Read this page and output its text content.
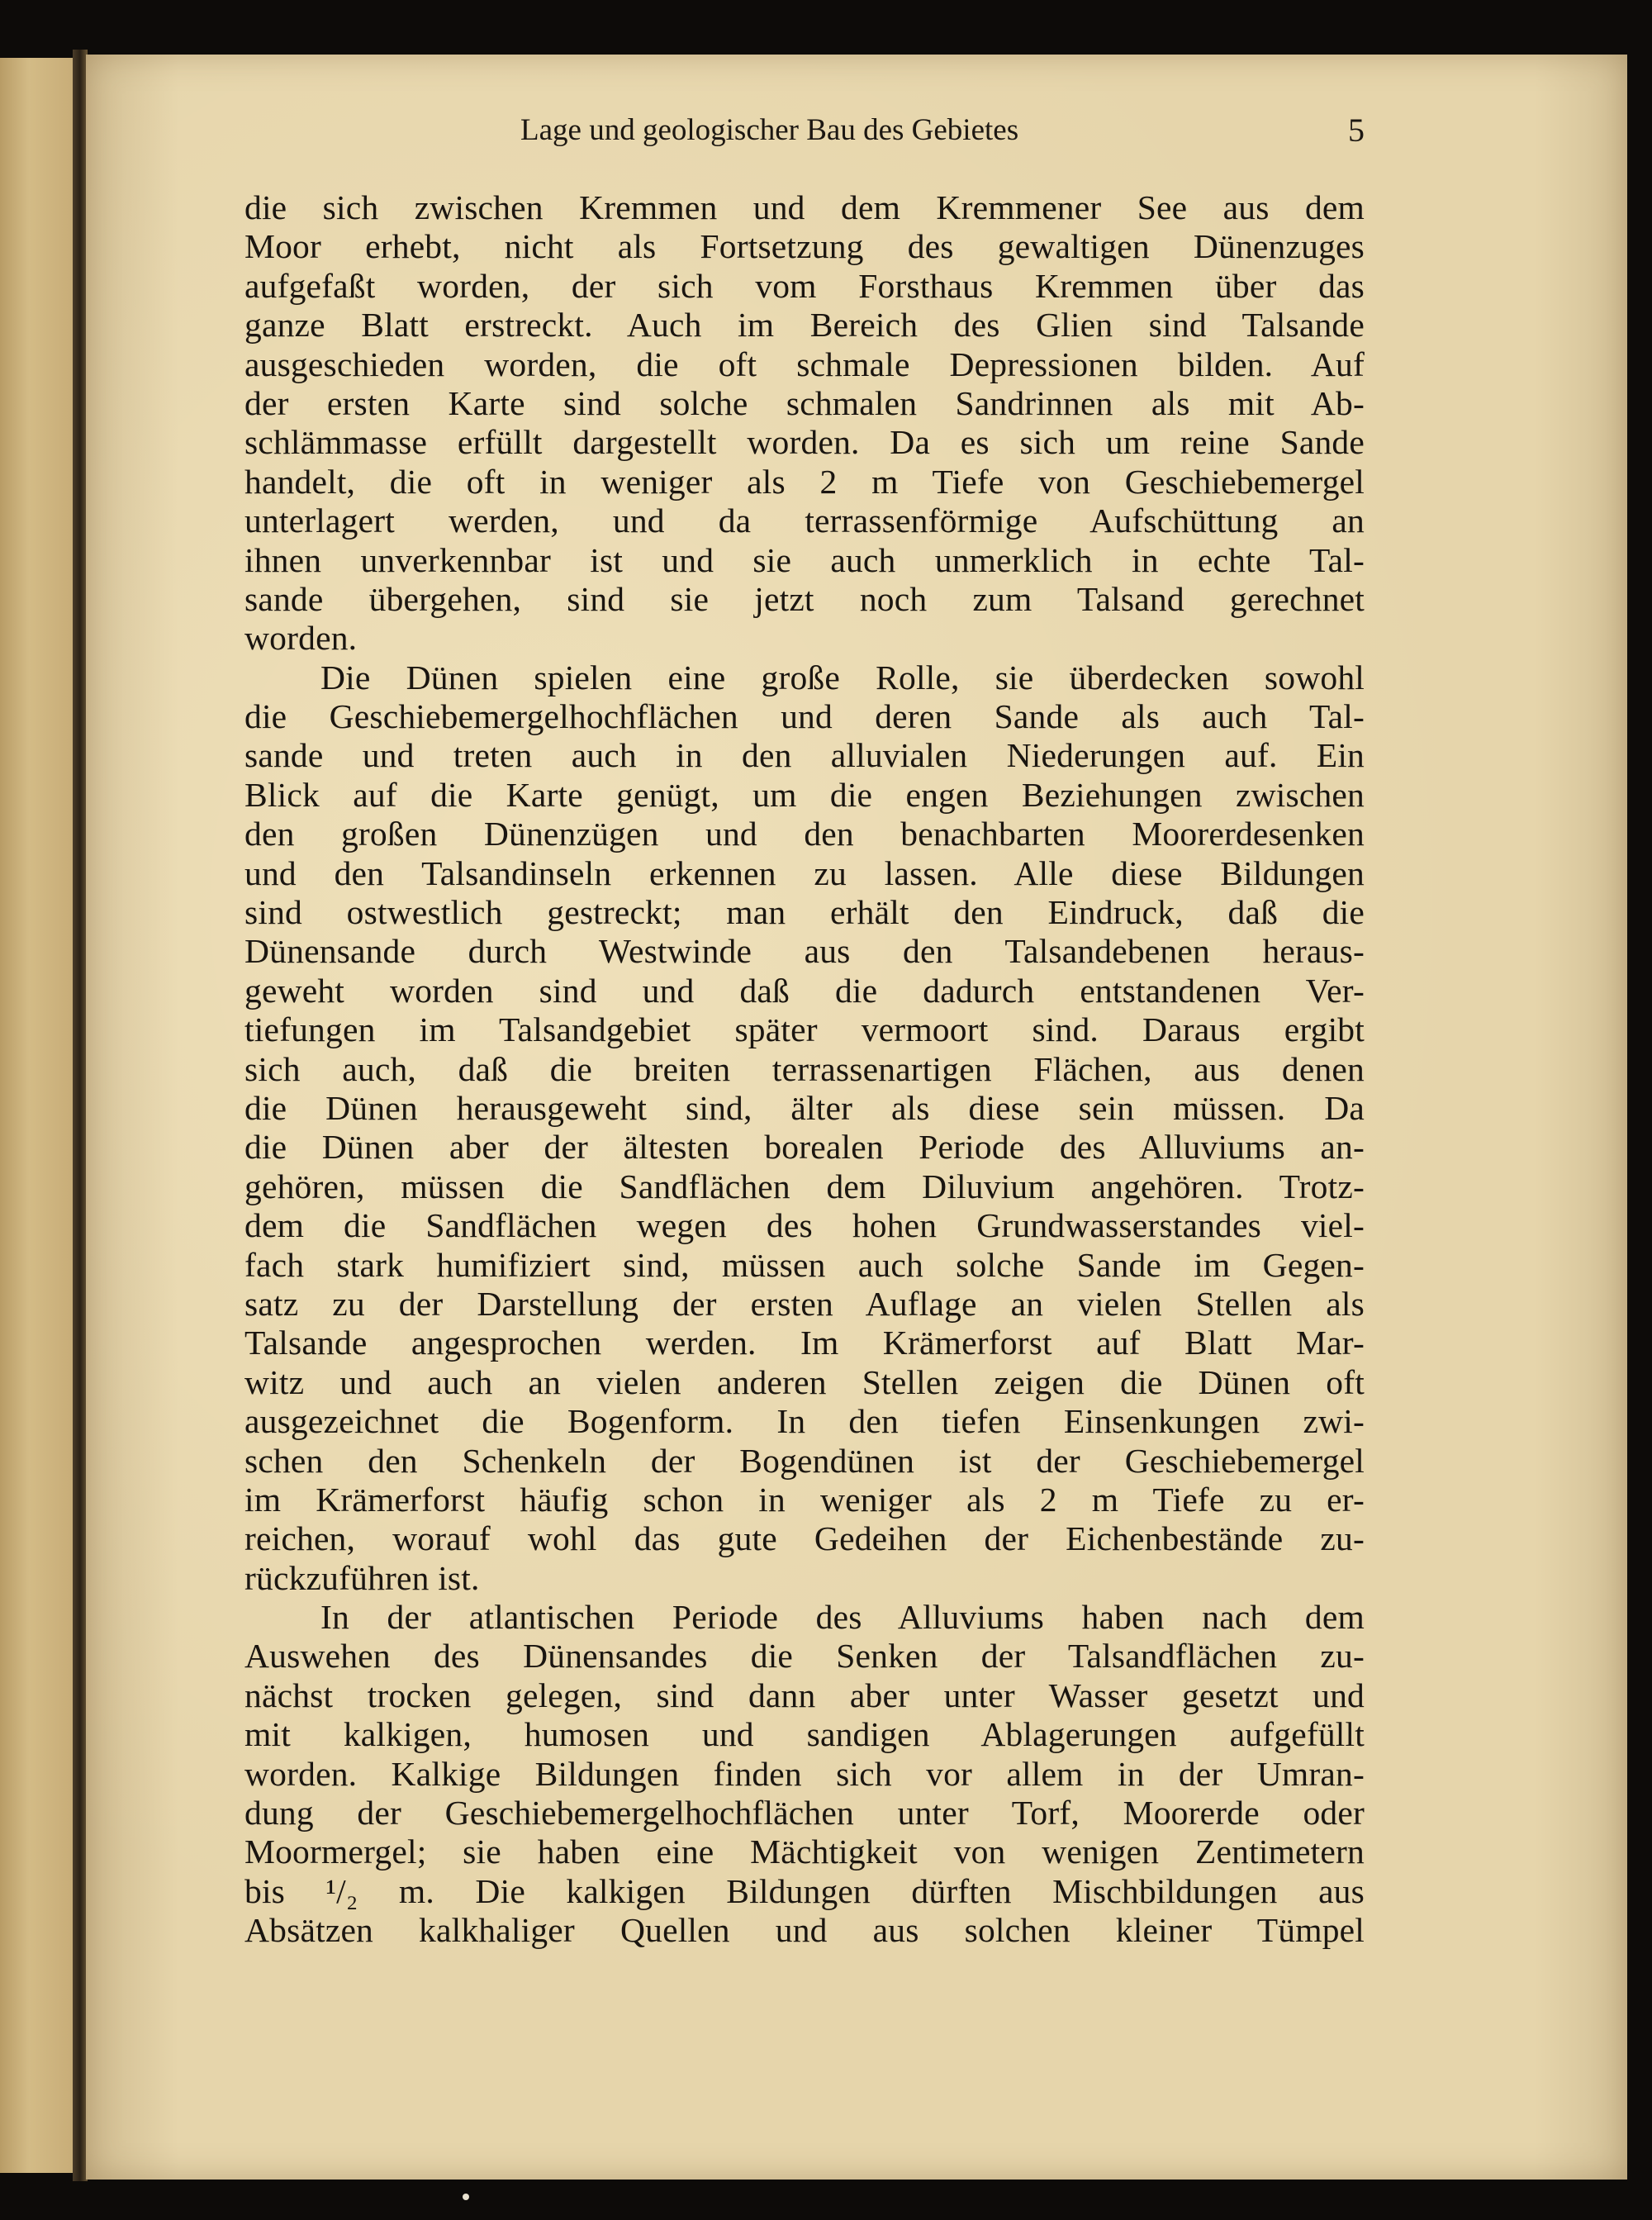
Lage und geologischer Bau des Gebietes	5
die sich zwischen Kremmen und dem Kremmener See aus dem
Moor erhebt, nicht als Fortsetzung des gewaltigen Dünenzuges
aufgefaßt worden, der sich vom Forsthaus Kremmen über das
ganze Blatt erstreckt. Auch im Bereich des Glien sind Talsande
ausgeschieden worden, die oft schmale Depressionen bilden. Auf
der ersten Karte sind solche schmalen Sandrinnen als mit Ab-
schlämmasse erfüllt dargestellt worden. Da es sich um reine Sande
handelt, die oft in weniger als 2 m Tiefe von Geschiebemergel
unterlagert werden, und da terrassenförmige Aufschüttung an
ihnen unverkennbar ist und sie auch unmerklich in echte Tal-
sande übergehen, sind sie jetzt noch zum Talsand gerechnet
worden.
Die Dünen spielen eine große Rolle, sie überdecken sowohl
die Geschiebemergelhochflächen und deren Sande als auch Tal-
sande und treten auch in den alluvialen Niederungen auf. Ein
Blick auf die Karte genügt, um die engen Beziehungen zwischen
den großen Dünenzügen und den benachbarten Moorerdesenken
und den Talsandinseln erkennen zu lassen. Alle diese Bildungen
sind ostwestlich gestreckt; man erhält den Eindruck, daß die
Dünensande durch Westwinde aus den Talsandebenen heraus-
geweht worden sind und daß die dadurch entstandenen Ver-
tiefungen im Talsandgebiet später vermoort sind. Daraus ergibt
sich auch, daß die breiten terrassenartigen Flächen, aus denen
die Dünen herausgeweht sind, älter als diese sein müssen. Da
die Dünen aber der ältesten borealen Periode des Alluviums an-
gehören, müssen die Sandflächen dem Diluvium angehören. Trotz-
dem die Sandflächen wegen des hohen Grundwasserstandes viel-
fach stark humifiziert sind, müssen auch solche Sande im Gegen-
satz zu der Darstellung der ersten Auflage an vielen Stellen als
Talsande angesprochen werden. Im Krämerforst auf Blatt Mar-
witz und auch an vielen anderen Stellen zeigen die Dünen oft
ausgezeichnet die Bogenform. In den tiefen Einsenkungen zwi-
schen den Schenkeln der Bogendünen ist der Geschiebemergel
im Krämerforst häufig schon in weniger als 2 m Tiefe zu er-
reichen, worauf wohl das gute Gedeihen der Eichenbestände zu-
rückzuführen ist.
In der atlantischen Periode des Alluviums haben nach dem
Auswehen des Dünensandes die Senken der Talsandflächen zu-
nächst trocken gelegen, sind dann aber unter Wasser gesetzt und
mit kalkigen, humosen und sandigen Ablagerungen aufgefüllt
worden. Kalkige Bildungen finden sich vor allem in der Umran-
dung der Geschiebemergelhochflächen unter Torf, Moorerde oder
Moormergel; sie haben eine Mächtigkeit von wenigen Zentimetern
bis ¹/₂ m. Die kalkigen Bildungen dürften Mischbildungen aus
Absätzen kalkhaliger Quellen und aus solchen kleiner Tümpel
